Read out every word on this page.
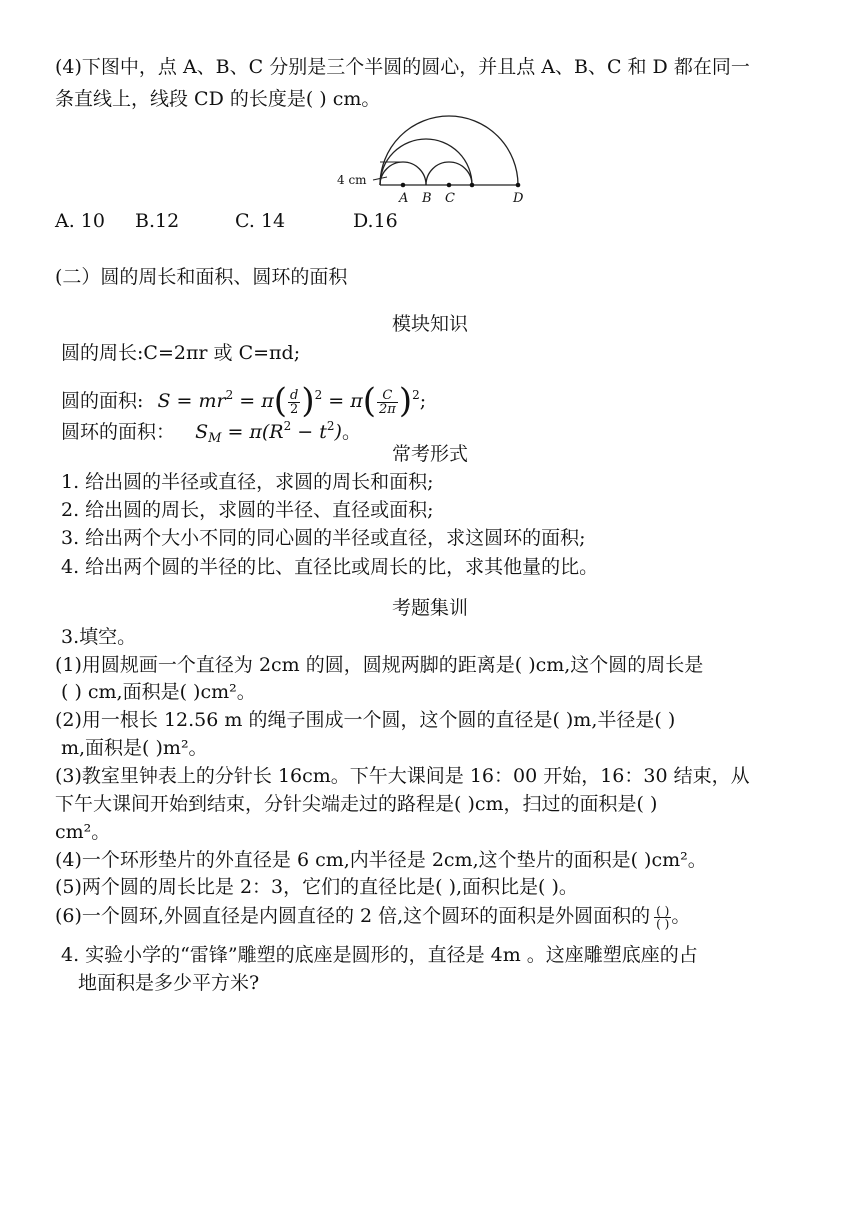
(4)下图中，点 A、B、C 分别是三个半圆的圆心，并且点 A、B、C 和 D 都在同一
条直线上，线段 CD 的长度是( ) cm。
4 cm
A B C	D
A. 10 B.12	C. 14	D.16
(二）圆的周长和面积、圆环的面积
模块知识
圆的周长:C=2πr 或 C=πd;
圆的面积: $S = mr^2 = \pi( \frac{d}{2} )^2 = \pi( \frac{C}{2\pi} )^2$;
圆环的面积： $S_M = \pi(R^2 - t^2)$。
常考形式
1. 给出圆的半径或直径，求圆的周长和面积;
2. 给出圆的周长，求圆的半径、直径或面积;
3. 给出两个大小不同的同心圆的半径或直径，求这圆环的面积;
4. 给出两个圆的半径的比、直径比或周长的比，求其他量的比。
考题集训
3.填空。
(1)用圆规画一个直径为 2cm 的圆，圆规两脚的距离是( )cm,这个圆的周长是
( ) cm,面积是( )cm²。
(2)用一根长 12.56 m 的绳子围成一个圆，这个圆的直径是( )m,半径是( )
m,面积是( )m²。
(3)教室里钟表上的分针长 16cm。下午大课间是 16：00 开始，16：30 结束，从
下午大课间开始到结束，分针尖端走过的路程是( )cm，扫过的面积是( )
cm²。
(4)一个环形垫片的外直径是 6 cm,内半径是 2cm,这个垫片的面积是( )cm²。
(5)两个圆的周长比是 2：3，它们的直径比是( ),面积比是( )。
(6)一个圆环,外圆直径是内圆直径的 2 倍,这个圆环的面积是外圆面积的 $\frac{( )}{( )}$ 。
4. 实验小学的“雷锋”雕塑的底座是圆形的，直径是 4m 。这座雕塑底座的占
地面积是多少平方米?
